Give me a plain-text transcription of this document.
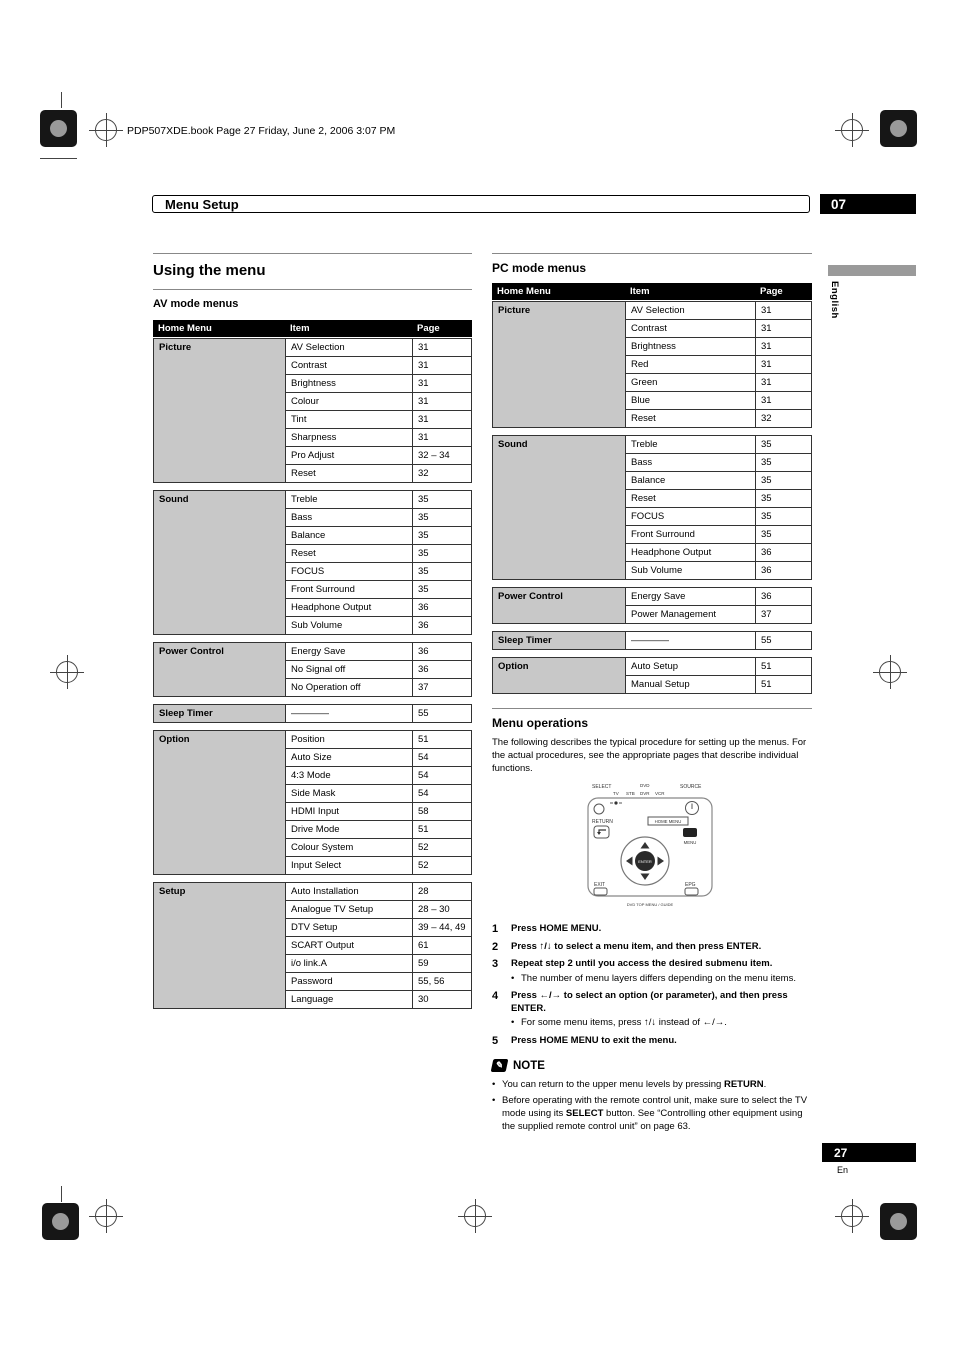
PDP507XDE.book Page 27 Friday, June 2, 2006 3:07 PM
Menu Setup	07
English
Using the menu
AV mode menus
Home Menu	Item	Page
Picture	AV Selection	31
Contrast	31
Brightness	31
Colour	31
Tint	31
Sharpness	31
Pro Adjust	32 – 34
Reset	32
Sound	Treble	35
Bass	35
Balance	35
Reset	35
FOCUS	35
Front Surround	35
Headphone Output	36
Sub Volume	36
Power Control	Energy Save	36
No Signal off	36
No Operation off	37
Sleep Timer	————	55
Option	Position	51
Auto Size	54
4:3 Mode	54
Side Mask	54
HDMI Input	58
Drive Mode	51
Colour System	52
Input Select	52
Setup	Auto Installation	28
Analogue TV Setup	28 – 30
DTV Setup	39 – 44, 49
SCART Output	61
i/o link.A	59
Password	55, 56
Language	30
PC mode menus
Home Menu	Item	Page
Picture	AV Selection	31
Contrast	31
Brightness	31
Red	31
Green	31
Blue	31
Reset	32
Sound	Treble	35
Bass	35
Balance	35
Reset	35
FOCUS	35
Front Surround	35
Headphone Output	36
Sub Volume	36
Power Control	Energy Save	36
Power Management	37
Sleep Timer	————	55
Option	Auto Setup	51
Manual Setup	51
Menu operations

The following describes the typical procedure for setting up the menus. For the actual procedures, see the appropriate pages that describe individual functions.

SELECT	DVD	SOURCE
TV STB DVR VCR
RETURN	HOME MENU
MENU
ENTER
EXIT	EPG
DVD TOP MENU / GUIDE
1	Press HOME MENU.
2	Press ↑/↓ to select a menu item, and then press ENTER.
3	Repeat step 2 until you access the desired submenu item.
• The number of menu layers differs depending on the menu items.
4	Press ←/→ to select an option (or parameter), and then press ENTER.
• For some menu items, press ↑/↓ instead of ←/→.
5	Press HOME MENU to exit the menu.
✎ NOTE
• You can return to the upper menu levels by pressing RETURN.
• Before operating with the remote control unit, make sure to select the TV mode using its SELECT button. See “Controlling other equipment using the supplied remote control unit” on page 63.
27
En
